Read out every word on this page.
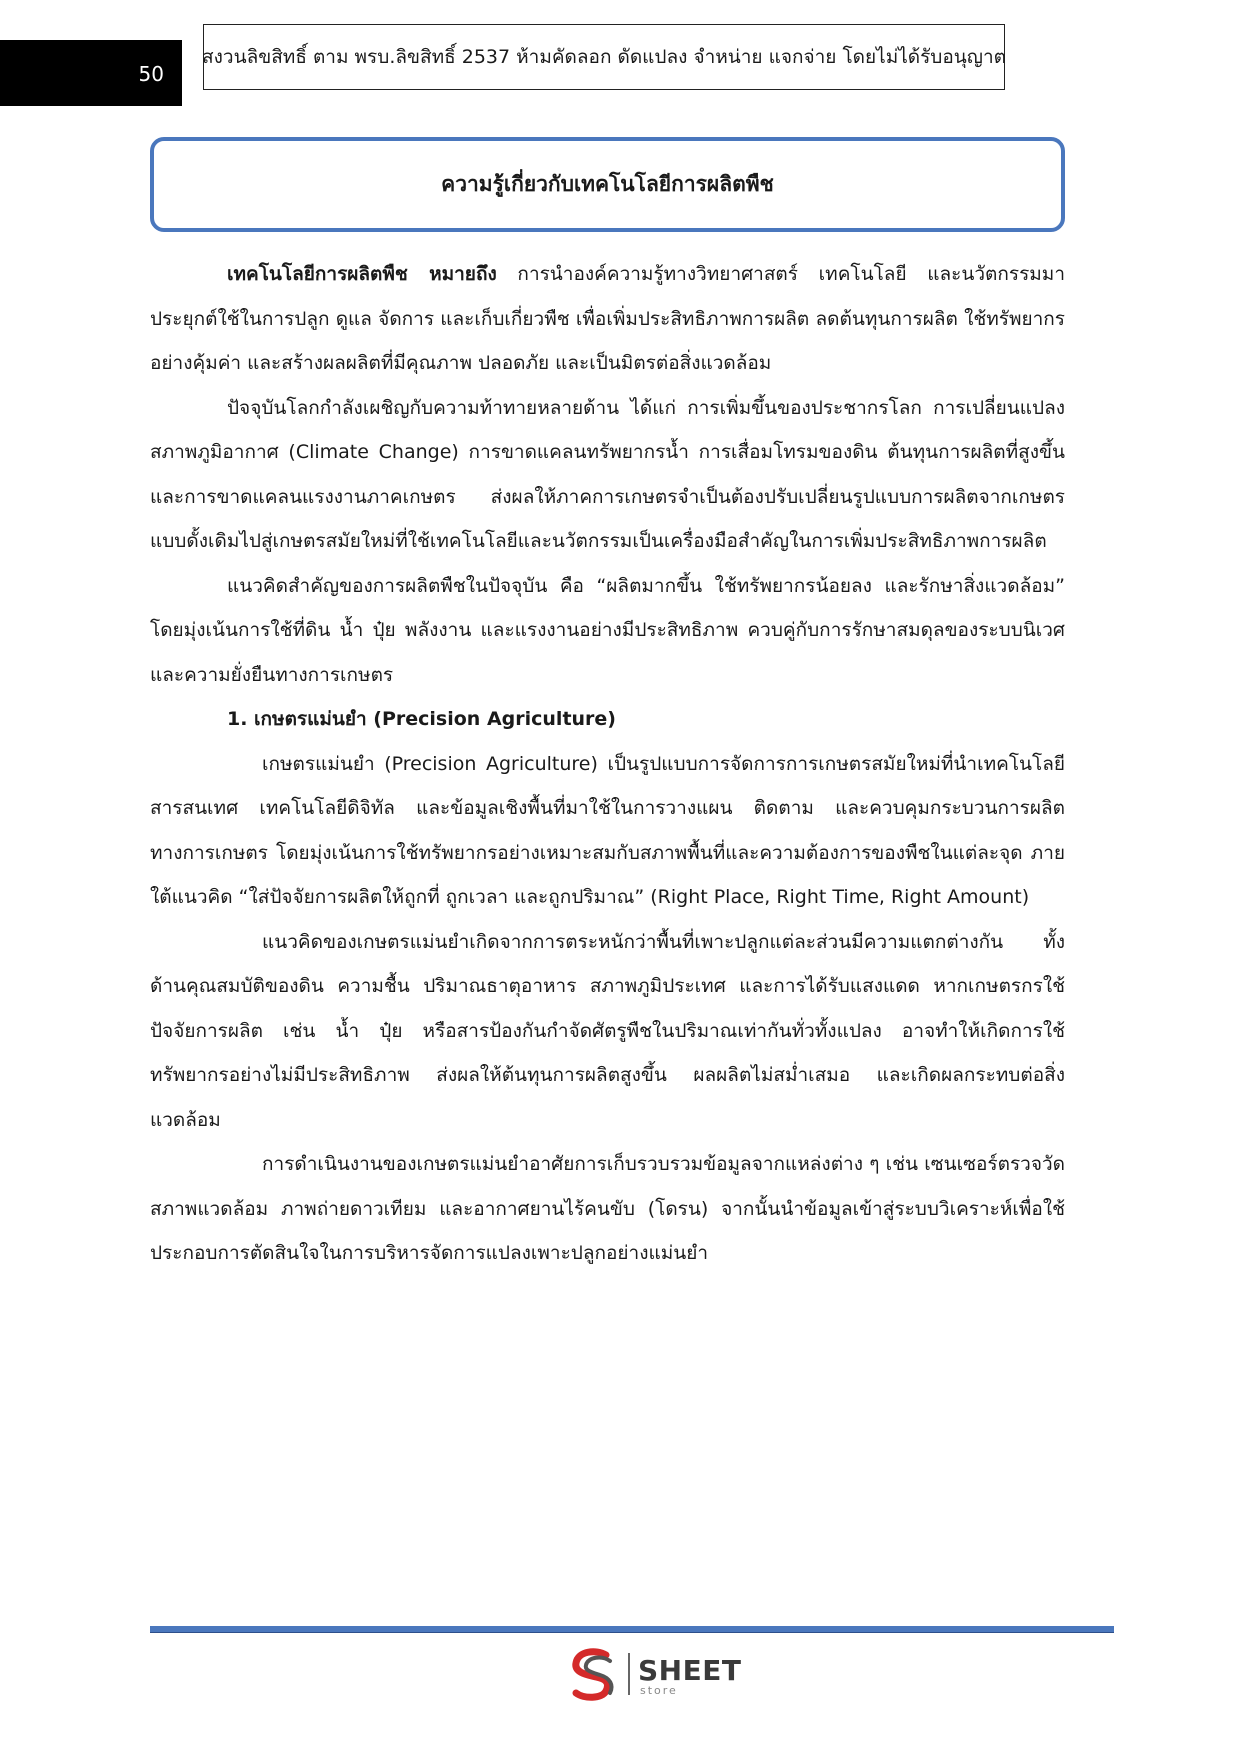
50
สงวนลิขสิทธิ์ ตาม พรบ.ลิขสิทธิ์ 2537 ห้ามคัดลอก ดัดแปลง จำหน่าย แจกจ่าย โดยไม่ได้รับอนุญาต
ความรู้เกี่ยวกับเทคโนโลยีการผลิตพืช

เทคโนโลยีการผลิตพืช หมายถึง การนำองค์ความรู้ทางวิทยาศาสตร์ เทคโนโลยี และนวัตกรรมมาประยุกต์ใช้ในการปลูก ดูแล จัดการ และเก็บเกี่ยวพืช เพื่อเพิ่มประสิทธิภาพการผลิต ลดต้นทุนการผลิต ใช้ทรัพยากรอย่างคุ้มค่า และสร้างผลผลิตที่มีคุณภาพ ปลอดภัย และเป็นมิตรต่อสิ่งแวดล้อม

ปัจจุบันโลกกำลังเผชิญกับความท้าทายหลายด้าน ได้แก่ การเพิ่มขึ้นของประชากรโลก การเปลี่ยนแปลงสภาพภูมิอากาศ (Climate Change) การขาดแคลนทรัพยากรน้ำ การเสื่อมโทรมของดิน ต้นทุนการผลิตที่สูงขึ้น และการขาดแคลนแรงงานภาคเกษตร ส่งผลให้ภาคการเกษตรจำเป็นต้องปรับเปลี่ยนรูปแบบการผลิตจากเกษตรแบบดั้งเดิมไปสู่เกษตรสมัยใหม่ที่ใช้เทคโนโลยีและนวัตกรรมเป็นเครื่องมือสำคัญในการเพิ่มประสิทธิภาพการผลิต

แนวคิดสำคัญของการผลิตพืชในปัจจุบัน คือ “ผลิตมากขึ้น ใช้ทรัพยากรน้อยลง และรักษาสิ่งแวดล้อม” โดยมุ่งเน้นการใช้ที่ดิน น้ำ ปุ๋ย พลังงาน และแรงงานอย่างมีประสิทธิภาพ ควบคู่กับการรักษาสมดุลของระบบนิเวศและความยั่งยืนทางการเกษตร

1. เกษตรแม่นยำ (Precision Agriculture)

เกษตรแม่นยำ (Precision Agriculture) เป็นรูปแบบการจัดการการเกษตรสมัยใหม่ที่นำเทคโนโลยีสารสนเทศ เทคโนโลยีดิจิทัล และข้อมูลเชิงพื้นที่มาใช้ในการวางแผน ติดตาม และควบคุมกระบวนการผลิตทางการเกษตร โดยมุ่งเน้นการใช้ทรัพยากรอย่างเหมาะสมกับสภาพพื้นที่และความต้องการของพืชในแต่ละจุด ภายใต้แนวคิด “ใส่ปัจจัยการผลิตให้ถูกที่ ถูกเวลา และถูกปริมาณ” (Right Place, Right Time, Right Amount)

แนวคิดของเกษตรแม่นยำเกิดจากการตระหนักว่าพื้นที่เพาะปลูกแต่ละส่วนมีความแตกต่างกัน ทั้งด้านคุณสมบัติของดิน ความชื้น ปริมาณธาตุอาหาร สภาพภูมิประเทศ และการได้รับแสงแดด หากเกษตรกรใช้ปัจจัยการผลิต เช่น น้ำ ปุ๋ย หรือสารป้องกันกำจัดศัตรูพืชในปริมาณเท่ากันทั่วทั้งแปลง อาจทำให้เกิดการใช้ทรัพยากรอย่างไม่มีประสิทธิภาพ ส่งผลให้ต้นทุนการผลิตสูงขึ้น ผลผลิตไม่สม่ำเสมอ และเกิดผลกระทบต่อสิ่งแวดล้อม

การดำเนินงานของเกษตรแม่นยำอาศัยการเก็บรวบรวมข้อมูลจากแหล่งต่าง ๆ เช่น เซนเซอร์ตรวจวัดสภาพแวดล้อม ภาพถ่ายดาวเทียม และอากาศยานไร้คนขับ (โดรน) จากนั้นนำข้อมูลเข้าสู่ระบบวิเคราะห์เพื่อใช้ประกอบการตัดสินใจในการบริหารจัดการแปลงเพาะปลูกอย่างแม่นยำ

SHEET
store
